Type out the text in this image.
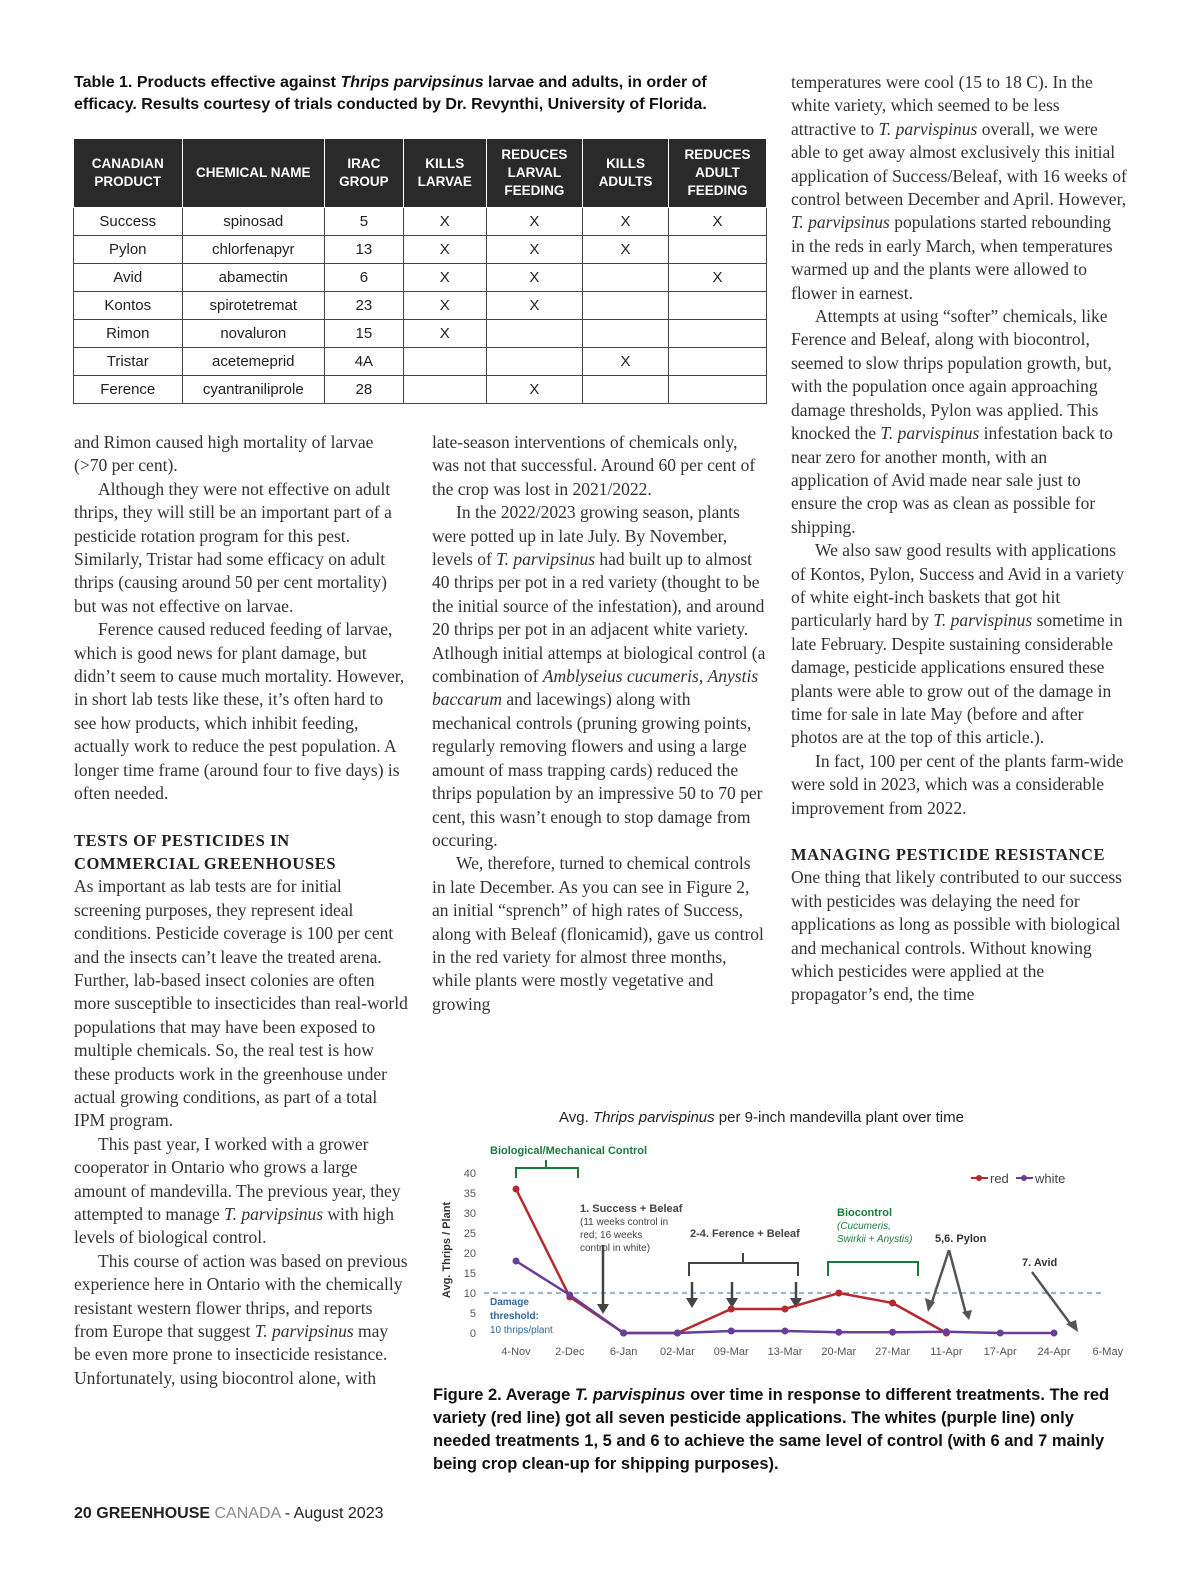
Table 1. Products effective against Thrips parvipsinus larvae and adults, in order of efficacy. Results courtesy of trials conducted by Dr. Revynthi, University of Florida.
CANADIAN PRODUCT	CHEMICAL NAME	IRAC GROUP	KILLS LARVAE	REDUCES LARVAL FEEDING	KILLS ADULTS	REDUCES ADULT FEEDING
Success	spinosad	5	X	X	X	X
Pylon	chlorfenapyr	13	X	X	X	
Avid	abamectin	6	X	X		X
Kontos	spirotetremat	23	X	X		
Rimon	novaluron	15	X			
Tristar	acetemeprid	4A			X	
Ference	cyantraniliprole	28		X		

and Rimon caused high mortality of larvae (>70 per cent).

Although they were not effective on adult thrips, they will still be an important part of a pesticide rotation program for this pest. Similarly, Tristar had some efficacy on adult thrips (causing around 50 per cent mortality) but was not effective on larvae.

Ference caused reduced feeding of larvae, which is good news for plant damage, but didn’t seem to cause much mortality. However, in short lab tests like these, it’s often hard to see how products, which inhibit feeding, actually work to reduce the pest population. A longer time frame (around four to five days) is often needed.

TESTS OF PESTICIDES IN COMMERCIAL GREENHOUSES

As important as lab tests are for initial screening purposes, they represent ideal conditions. Pesticide coverage is 100 per cent and the insects can’t leave the treated arena. Further, lab-based insect colonies are often more susceptible to insecticides than real-world populations that may have been exposed to multiple chemicals. So, the real test is how these products work in the greenhouse under actual growing conditions, as part of a total IPM program.

This past year, I worked with a grower cooperator in Ontario who grows a large amount of mandevilla. The previous year, they attempted to manage T. parvipsinus with high levels of biological control.

This course of action was based on previous experience here in Ontario with the chemically resistant western flower thrips, and reports from Europe that suggest T. parvipsinus may be even more prone to insecticide resistance. Unfortunately, using biocontrol alone, with

late-season interventions of chemicals only, was not that successful. Around 60 per cent of the crop was lost in 2021/2022.

In the 2022/2023 growing season, plants were potted up in late July. By November, levels of T. parvipsinus had built up to almost 40 thrips per pot in a red variety (thought to be the initial source of the infestation), and around 20 thrips per pot in an adjacent white variety. Atlhough initial attemps at biological control (a combination of Amblyseius cucumeris, Anystis baccarum and lacewings) along with mechanical controls (pruning growing points, regularly removing flowers and using a large amount of mass trapping cards) reduced the thrips population by an impressive 50 to 70 per cent, this wasn’t enough to stop damage from occuring.

We, therefore, turned to chemical controls in late December. As you can see in Figure 2, an initial “sprench” of high rates of Success, along with Beleaf (flonicamid), gave us control in the red variety for almost three months, while plants were mostly vegetative and growing

temperatures were cool (15 to 18 C). In the white variety, which seemed to be less attractive to T. parvispinus overall, we were able to get away almost exclusively this initial application of Success/Beleaf, with 16 weeks of control between December and April. However, T. parvipsinus populations started rebounding in the reds in early March, when temperatures warmed up and the plants were allowed to flower in earnest.

Attempts at using “softer” chemicals, like Ference and Beleaf, along with biocontrol, seemed to slow thrips population growth, but, with the population once again approaching damage thresholds, Pylon was applied. This knocked the T. parvispinus infestation back to near zero for another month, with an application of Avid made near sale just to ensure the crop was as clean as possible for shipping.

We also saw good results with applications of Kontos, Pylon, Success and Avid in a variety of white eight-inch baskets that got hit particularly hard by T. parvispinus sometime in late February. Despite sustaining considerable damage, pesticide applications ensured these plants were able to grow out of the damage in time for sale in late May (before and after photos are at the top of this article.).

In fact, 100 per cent of the plants farm-wide were sold in 2023, which was a considerable improvement from 2022.

MANAGING PESTICIDE RESISTANCE

One thing that likely contributed to our success with pesticides was delaying the need for applications as long as possible with biological and mechanical controls. Without knowing which pesticides were applied at the propagator’s end, the time

Avg. Thrips parvispinus per 9-inch mandevilla plant over time
Avg. Thrips / Plant
0
5
10
15
20
25
30
35
40
4-Nov 2-Dec 6-Jan 02-Mar 09-Mar 13-Mar 20-Mar 27-Mar 11-Apr 17-Apr 24-Apr 6-May
Damage threshold: 10 thrips/plant
Biological/Mechanical Control
1. Success + Beleaf (11 weeks control in red; 16 weeks control in white)
2-4. Ference + Beleaf
Biocontrol (Cucumeris, Swirkii + Anystis) 5,6. Pylon
7. Avid
red white
Figure 2. Average T. parvispinus over time in response to different treatments. The red variety (red line) got all seven pesticide applications. The whites (purple line) only needed treatments 1, 5 and 6 to achieve the same level of control (with 6 and 7 mainly being crop clean-up for shipping purposes).
20 GREENHOUSE CANADA - August 2023
